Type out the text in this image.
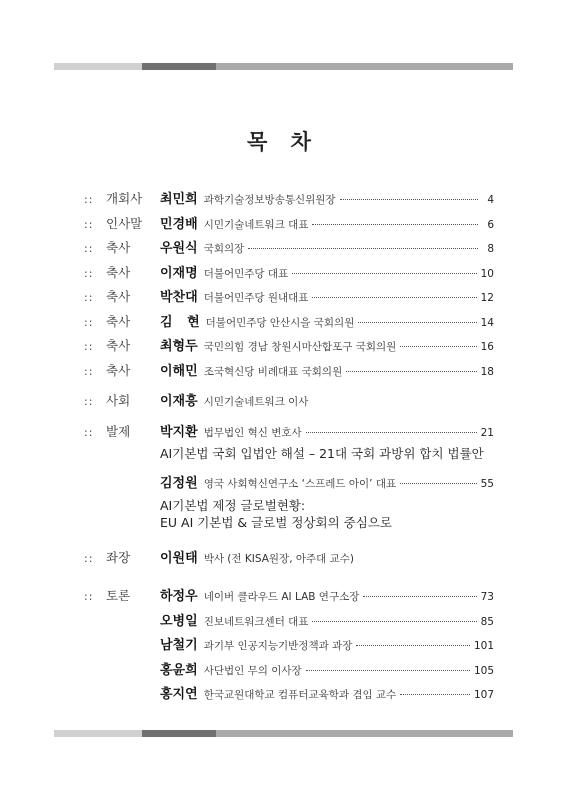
목 차
::	개회사	최민희 과학기술정보방송통신위원장	4
::	인사말	민경배 시민기술네트워크 대표	6
::	축사	우원식 국회의장	8
::	축사	이재명 더불어민주당 대표	10
::	축사	박찬대 더불어민주당 원내대표	12
::	축사	김 현 더불어민주당 안산시을 국회의원	14
::	축사	최형두 국민의힘 경남 창원시마산합포구 국회의원	16
::	축사	이해민 조국혁신당 비례대표 국회의원	18
::	사회	이재흥 시민기술네트워크 이사
::	발제	박지환 법무법인 혁신 변호사	21
AI기본법 국회 입법안 해설 – 21대 국회 과방위 합치 법률안
김정원 영국 사회혁신연구소 ‘스프레드 아이’ 대표	55
AI기본법 제정 글로벌현황:
EU AI 기본법 & 글로벌 정상회의 중심으로
::	좌장	이원태 박사 (전 KISA원장, 아주대 교수)
::	토론	하정우 네이버 클라우드 AI LAB 연구소장	73
오병일 진보네트워크센터 대표	85
남철기 과기부 인공지능기반정책과 과장	101
홍윤희 사단법인 무의 이사장	105
홍지연 한국교원대학교 컴퓨터교육학과 겸임 교수	107
